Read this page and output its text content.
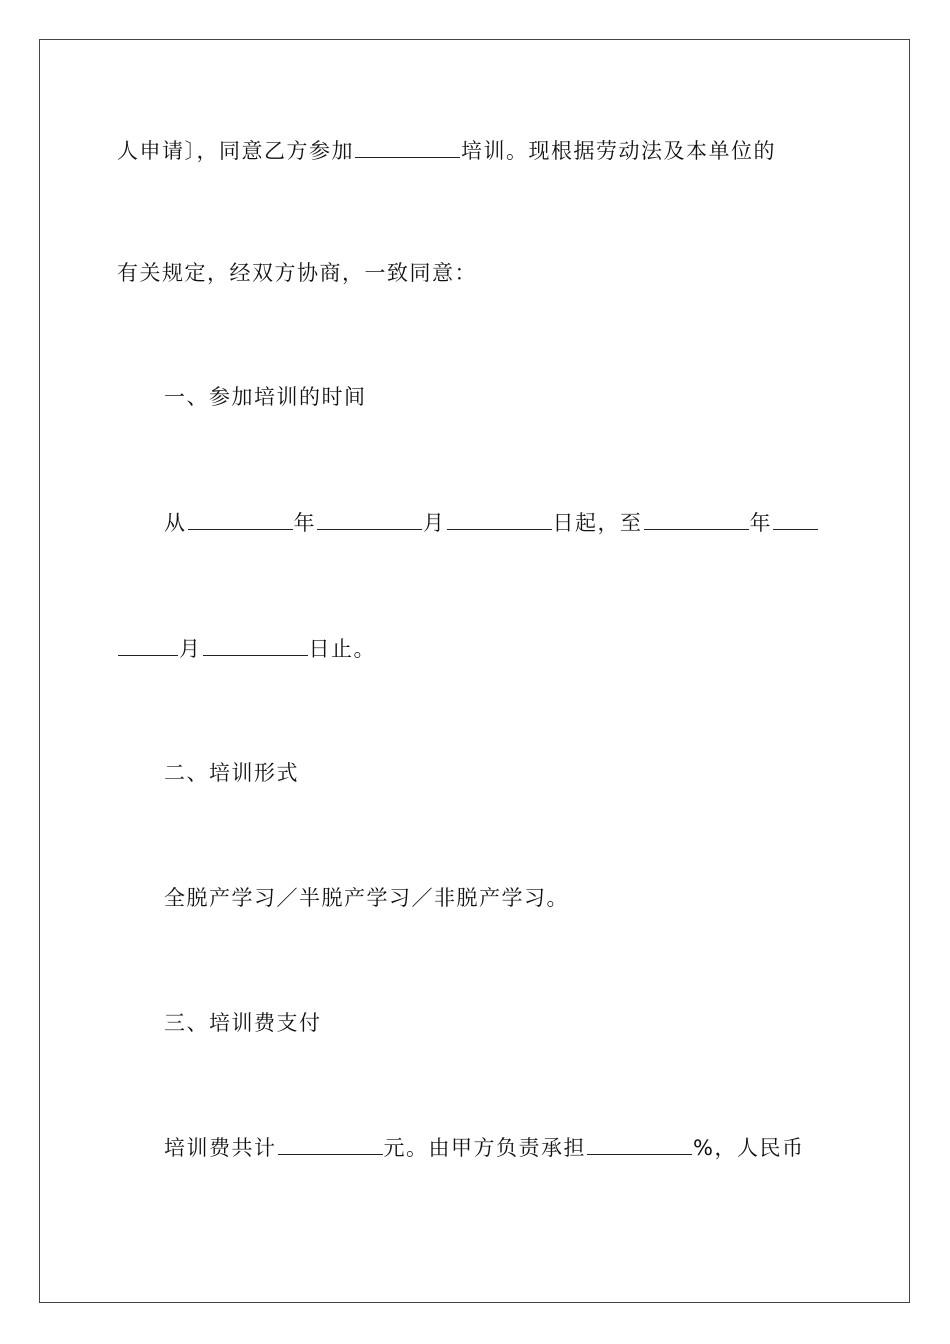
人申请〕，同意乙方参加	培训。现根据劳动法及本单位的
有关规定，经双方协商，一致同意：
一、参加培训的时间
从	年	月	日起，至	年
月	日止。
二、培训形式
全脱产学习／半脱产学习／非脱产学习。
三、培训费支付
培训费共计	元。由甲方负责承担	%，人民币
